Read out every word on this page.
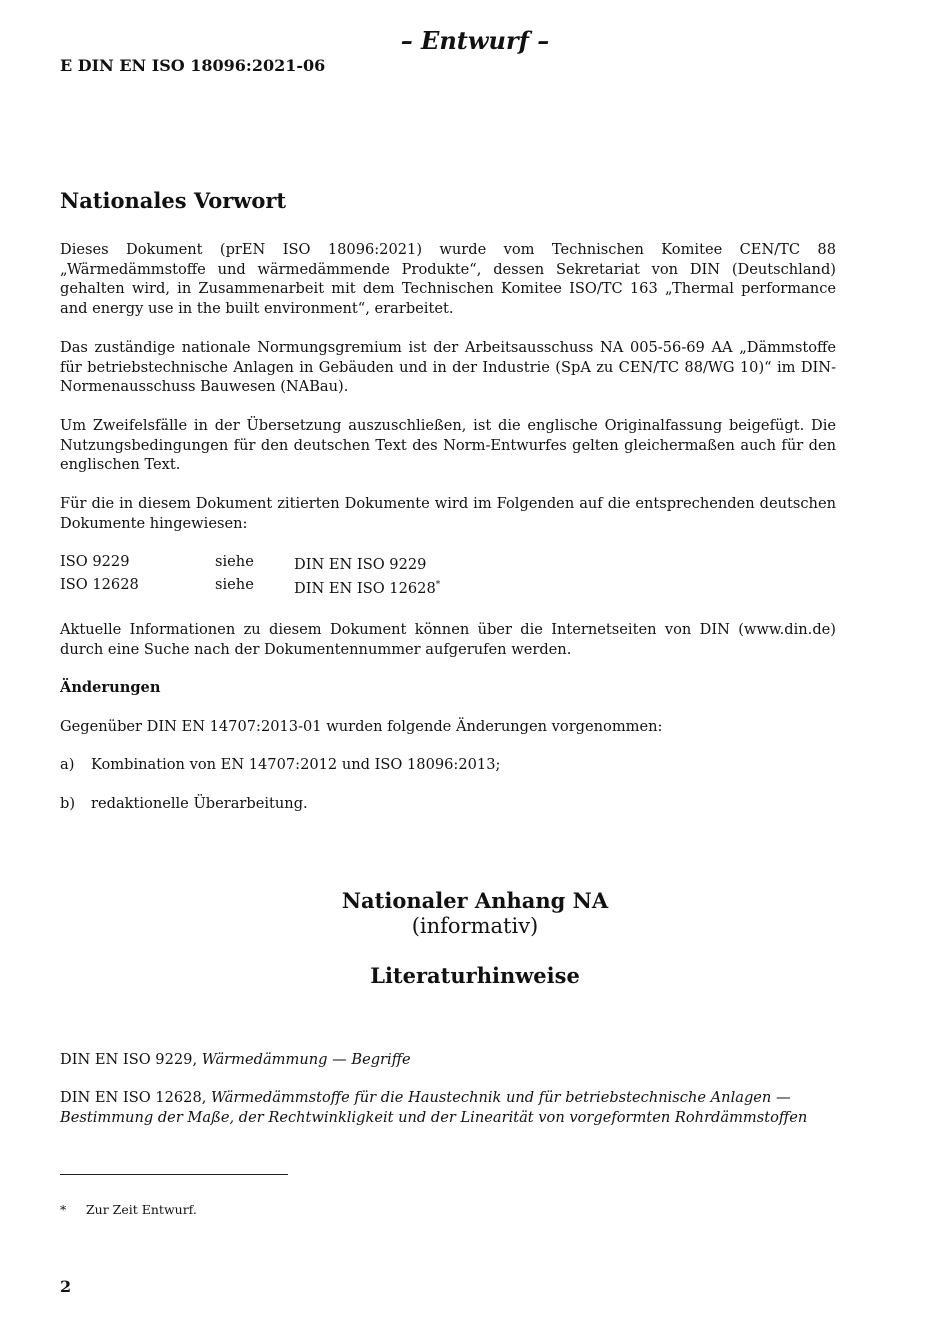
– Entwurf –
E DIN EN ISO 18096:2021-06
Nationales Vorwort

Dieses Dokument (prEN ISO 18096:2021) wurde vom Technischen Komitee CEN/TC 88 „Wärmedämmstoffe und wärmedämmende Produkte“, dessen Sekretariat von DIN (Deutschland) gehalten wird, in Zusammenarbeit mit dem Technischen Komitee ISO/TC 163 „Thermal performance and energy use in the built environment“, erarbeitet.

Das zuständige nationale Normungsgremium ist der Arbeitsausschuss NA 005-56-69 AA „Dämmstoffe für betriebstechnische Anlagen in Gebäuden und in der Industrie (SpA zu CEN/TC 88/WG 10)“ im DIN-Normenausschuss Bauwesen (NABau).

Um Zweifelsfälle in der Übersetzung auszuschließen, ist die englische Originalfassung beigefügt. Die Nutzungsbedingungen für den deutschen Text des Norm-Entwurfes gelten gleichermaßen auch für den englischen Text.

Für die in diesem Dokument zitierten Dokumente wird im Folgenden auf die entsprechenden deutschen Dokumente hingewiesen:

ISO 9229	siehe	DIN EN ISO 9229
ISO 12628	siehe	DIN EN ISO 12628*

Aktuelle Informationen zu diesem Dokument können über die Internetseiten von DIN (www.din.de) durch eine Suche nach der Dokumentennummer aufgerufen werden.

Änderungen
Gegenüber DIN EN 14707:2013-01 wurden folgende Änderungen vorgenommen:
a) Kombination von EN 14707:2012 und ISO 18096:2013;
b) redaktionelle Überarbeitung.
Nationaler Anhang NA
(informativ)
Literaturhinweise

DIN EN ISO 9229, Wärmedämmung — Begriffe

DIN EN ISO 12628, Wärmedämmstoffe für die Haustechnik und für betriebstechnische Anlagen — Bestimmung der Maße, der Rechtwinkligkeit und der Linearität von vorgeformten Rohrdämmstoffen

* Zur Zeit Entwurf.
2
